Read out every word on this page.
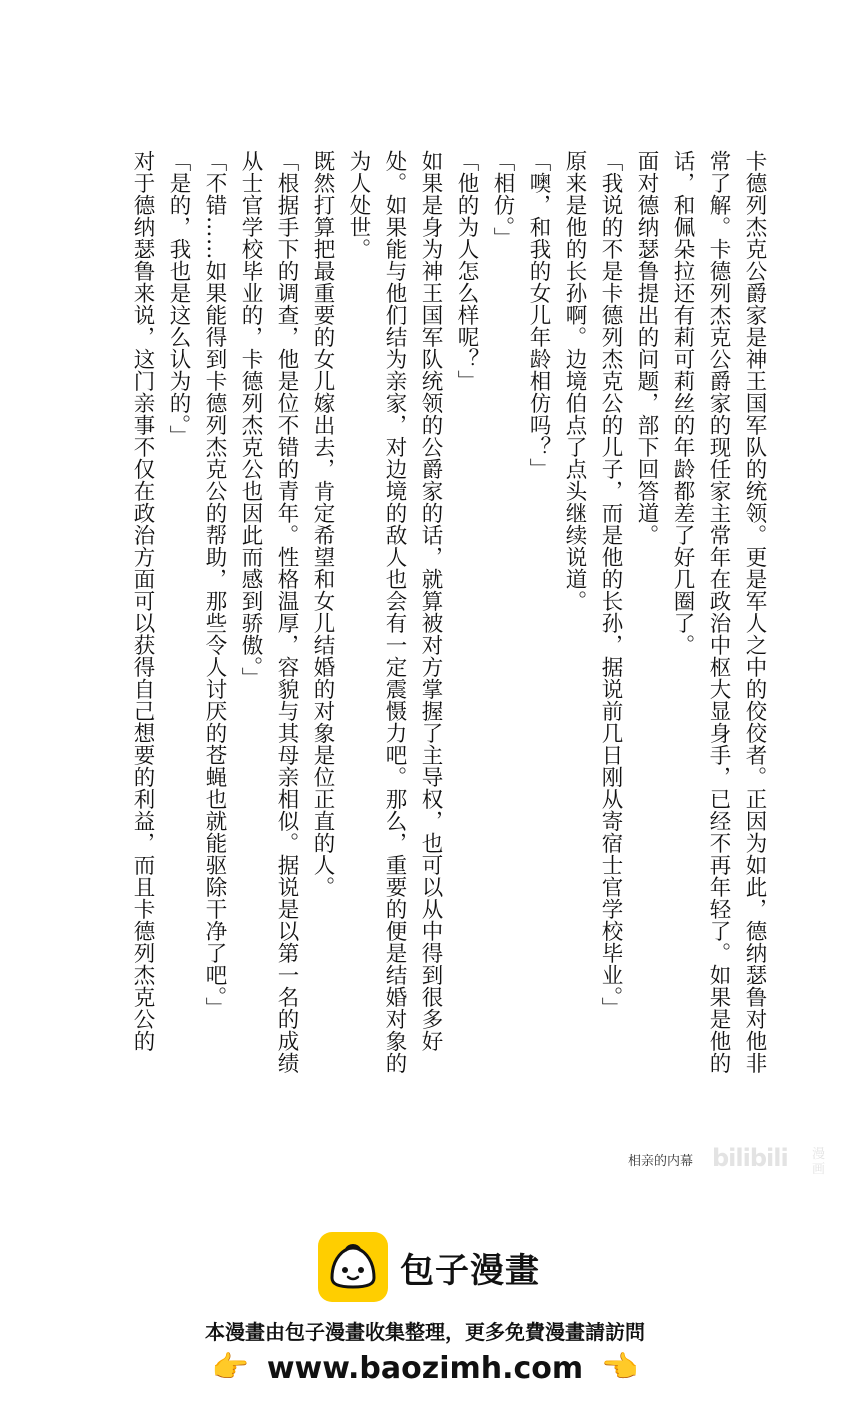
卡德列杰克公爵家是神王国军队的统领。更是军人之中的佼佼者。正因为如此，德纳瑟鲁对他非常了解。卡德列杰克公爵家的现任家主常年在政治中枢大显身手，已经不再年轻了。如果是他的话，和佩朵拉还有莉可莉丝的年龄都差了好几圈了。

面对德纳瑟鲁提出的问题，部下回答道。

「我说的不是卡德列杰克公的儿子，而是他的长孙，据说前几日刚从寄宿士官学校毕业。」

原来是他的长孙啊。边境伯点了点头继续说道。

「噢，和我的女儿年龄相仿吗？」

「相仿。」

「他的为人怎么样呢？」

如果是身为神王国军队统领的公爵家的话，就算被对方掌握了主导权，也可以从中得到很多好处。如果能与他们结为亲家，对边境的敌人也会有一定震慑力吧。那么，重要的便是结婚对象的为人处世。

既然打算把最重要的女儿嫁出去，肯定希望和女儿结婚的对象是位正直的人。

「根据手下的调查，他是位不错的青年。性格温厚，容貌与其母亲相似。据说是以第一名的成绩从士官学校毕业的，卡德列杰克公也因此而感到骄傲。」

「不错……如果能得到卡德列杰克公的帮助，那些令人讨厌的苍蝇也就能驱除干净了吧。」

「是的，我也是这么认为的。」

对于德纳瑟鲁来说，这门亲事不仅在政治方面可以获得自己想要的利益，而且卡德列杰克公的

相亲的内幕 bilibili 漫画
包子漫畫
本漫畫由包子漫畫收集整理，更多免費漫畫請訪問
👉 www.baozimh.com 👈
